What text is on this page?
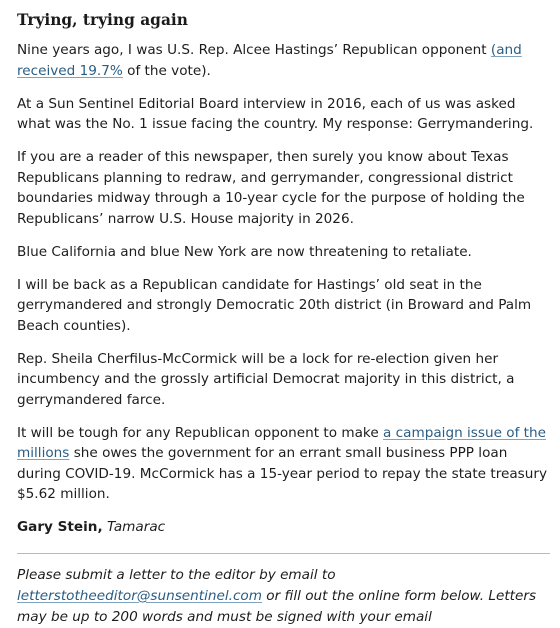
Trying, trying again

Nine years ago, I was U.S. Rep. Alcee Hastings’ Republican opponent (and received 19.7% of the vote).

At a Sun Sentinel Editorial Board interview in 2016, each of us was asked what was the No. 1 issue facing the country. My response: Gerrymandering.

If you are a reader of this newspaper, then surely you know about Texas Republicans planning to redraw, and gerrymander, congressional district boundaries midway through a 10-year cycle for the purpose of holding the Republicans’ narrow U.S. House majority in 2026.

Blue California and blue New York are now threatening to retaliate.

I will be back as a Republican candidate for Hastings’ old seat in the gerrymandered and strongly Democratic 20th district (in Broward and Palm Beach counties).

Rep. Sheila Cherfilus-McCormick will be a lock for re-election given her incumbency and the grossly artificial Democrat majority in this district, a gerrymandered farce.

It will be tough for any Republican opponent to make a campaign issue of the millions she owes the government for an errant small business PPP loan during COVID-19. McCormick has a 15-year period to repay the state treasury $5.62 million.

Gary Stein, Tamarac

Please submit a letter to the editor by email to letterstotheeditor@sunsentinel.com or fill out the online form below. Letters may be up to 200 words and must be signed with your email
